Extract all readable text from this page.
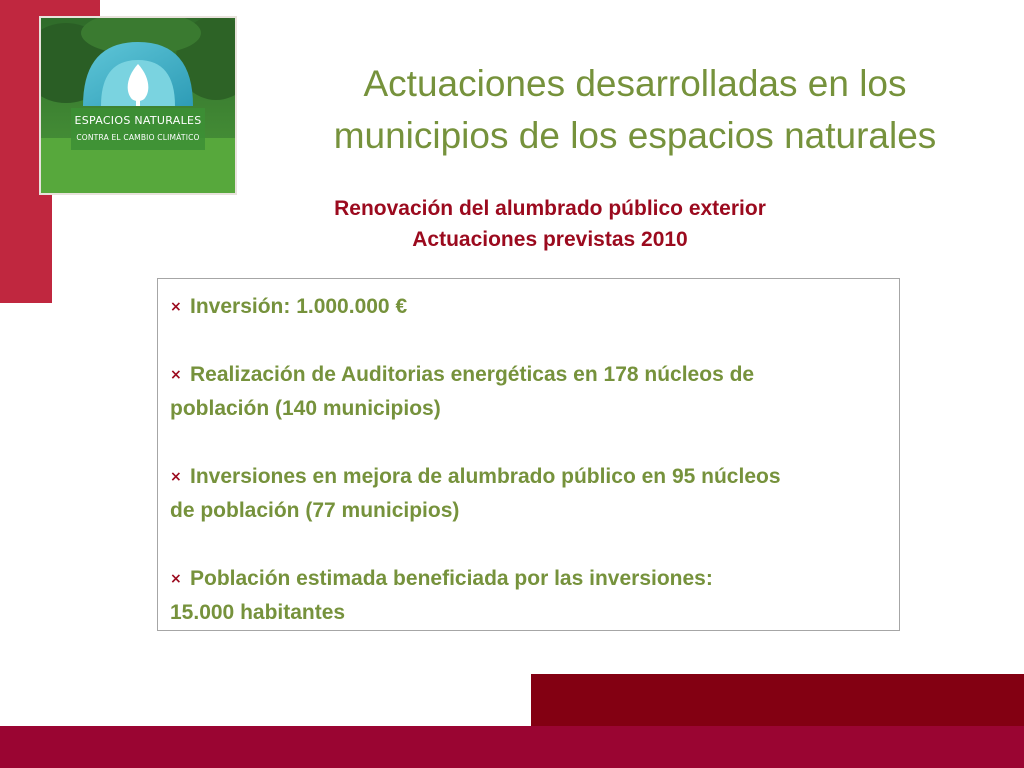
ESPACIOS NATURALES
CONTRA EL CAMBIO CLIMÁTICO
Actuaciones desarrolladas en los
municipios de los espacios naturales
Renovación del alumbrado público exterior
Actuaciones previstas 2010
× Inversión: 1.000.000 €
× Realización de Auditorias energéticas en 178 núcleos de
población (140 municipios)
× Inversiones en mejora de alumbrado público en 95 núcleos
de población (77 municipios)
× Población estimada beneficiada por las inversiones:
15.000 habitantes
